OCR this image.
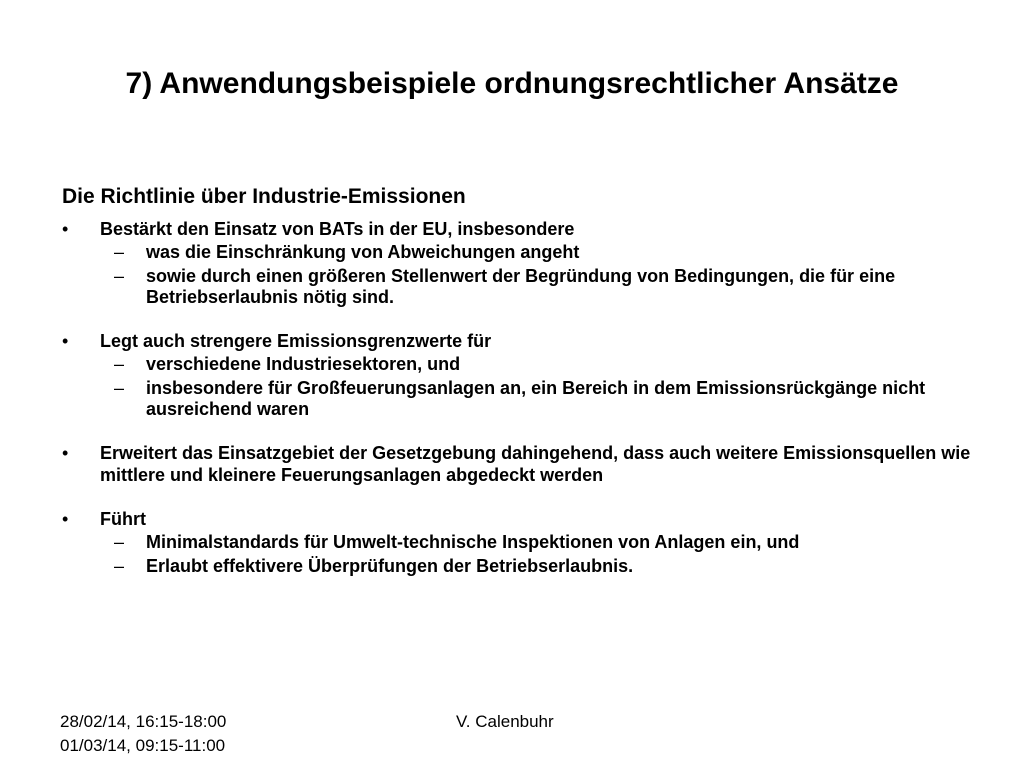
7) Anwendungsbeispiele ordnungsrechtlicher Ansätze
Die Richtlinie über Industrie-Emissionen
• Bestärkt den Einsatz von BATs in der EU, insbesondere
– was die Einschränkung von Abweichungen angeht
– sowie durch einen größeren Stellenwert der Begründung von Bedingungen, die für eine Betriebserlaubnis nötig sind.
• Legt auch strengere Emissionsgrenzwerte für
– verschiedene Industriesektoren, und
– insbesondere für Großfeuerungsanlagen an, ein Bereich in dem Emissionsrückgänge nicht ausreichend waren
• Erweitert das Einsatzgebiet der Gesetzgebung dahingehend, dass auch weitere Emissionsquellen wie mittlere und kleinere Feuerungsanlagen abgedeckt werden
• Führt
– Minimalstandards für Umwelt-technische Inspektionen von Anlagen ein, und
– Erlaubt effektivere Überprüfungen der Betriebserlaubnis.
28/02/14, 16:15-18:00
01/03/14, 09:15-11:00
V. Calenbuhr
